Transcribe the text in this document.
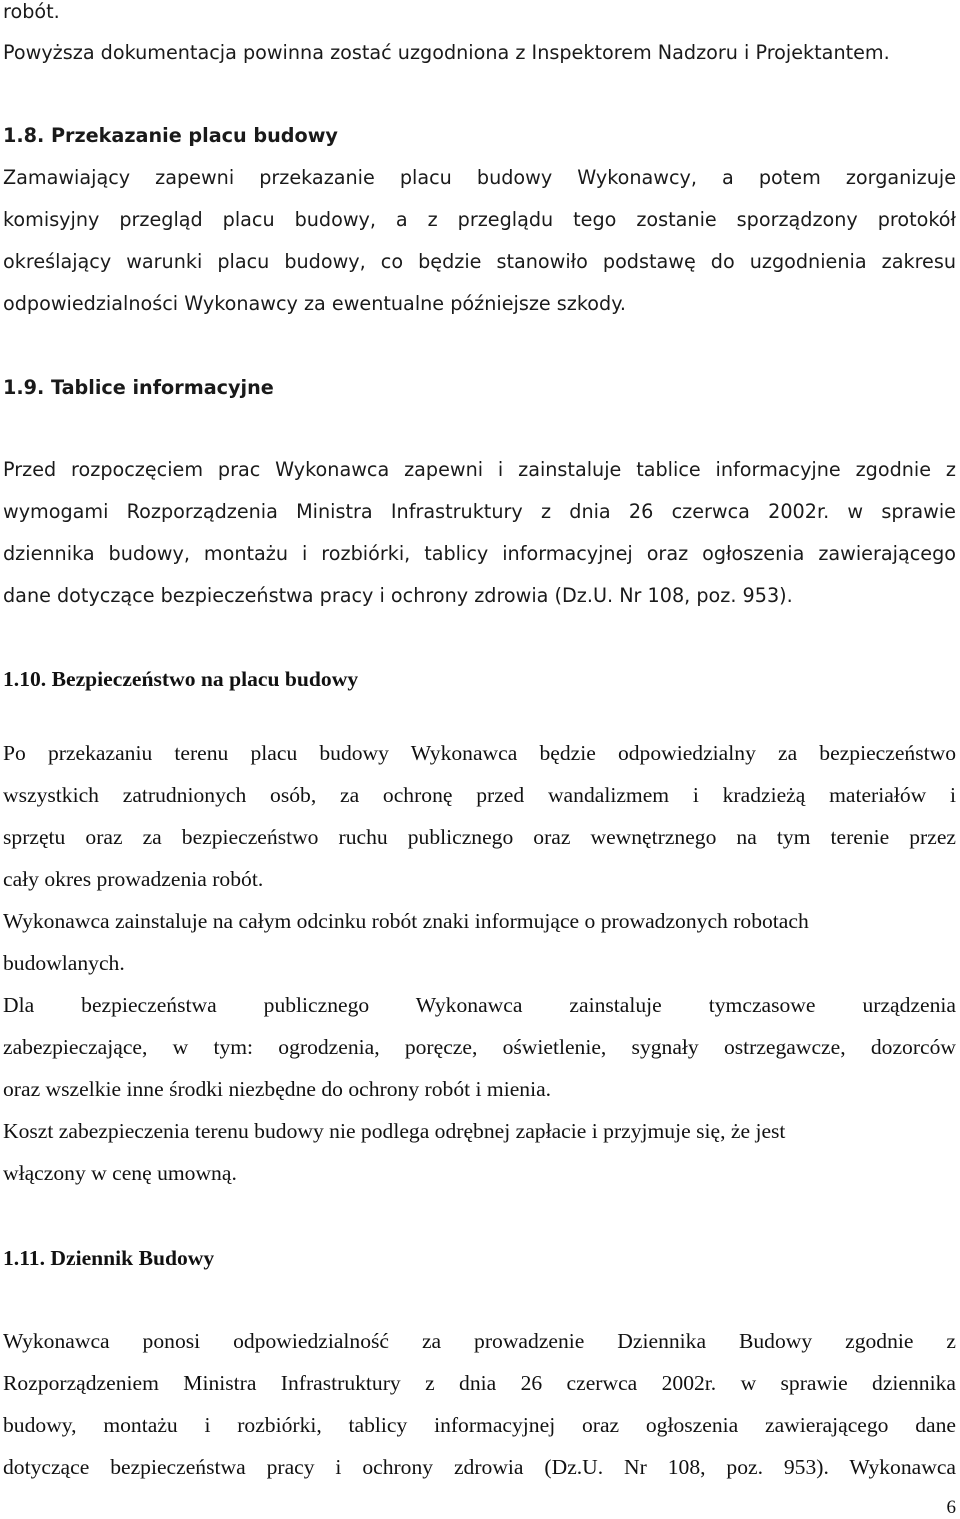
robót.
Powyższa dokumentacja powinna zostać uzgodniona z Inspektorem Nadzoru i Projektantem.
1.8. Przekazanie placu budowy
Zamawiający zapewni przekazanie placu budowy Wykonawcy, a potem zorganizuje
komisyjny przegląd placu budowy, a z przeglądu tego zostanie sporządzony protokół
określający warunki placu budowy, co będzie stanowiło podstawę do uzgodnienia zakresu
odpowiedzialności Wykonawcy za ewentualne późniejsze szkody.
1.9. Tablice informacyjne
Przed rozpoczęciem prac Wykonawca zapewni i zainstaluje tablice informacyjne zgodnie z
wymogami Rozporządzenia Ministra Infrastruktury z dnia 26 czerwca 2002r. w sprawie
dziennika budowy, montażu i rozbiórki, tablicy informacyjnej oraz ogłoszenia zawierającego
dane dotyczące bezpieczeństwa pracy i ochrony zdrowia (Dz.U. Nr 108, poz. 953).
1.10. Bezpieczeństwo na placu budowy
Po przekazaniu terenu placu budowy Wykonawca będzie odpowiedzialny za bezpieczeństwo
wszystkich zatrudnionych osób, za ochronę przed wandalizmem i kradzieżą materiałów i
sprzętu oraz za bezpieczeństwo ruchu publicznego oraz wewnętrznego na tym terenie przez
cały okres prowadzenia robót.
Wykonawca zainstaluje na całym odcinku robót znaki informujące o prowadzonych robotach
budowlanych.
Dla bezpieczeństwa publicznego Wykonawca zainstaluje tymczasowe urządzenia
zabezpieczające, w tym: ogrodzenia, poręcze, oświetlenie, sygnały ostrzegawcze, dozorców
oraz wszelkie inne środki niezbędne do ochrony robót i mienia.
Koszt zabezpieczenia terenu budowy nie podlega odrębnej zapłacie i przyjmuje się, że jest
włączony w cenę umowną.
1.11. Dziennik Budowy
Wykonawca ponosi odpowiedzialność za prowadzenie Dziennika Budowy zgodnie z
Rozporządzeniem Ministra Infrastruktury z dnia 26 czerwca 2002r. w sprawie dziennika
budowy, montażu i rozbiórki, tablicy informacyjnej oraz ogłoszenia zawierającego dane
dotyczące bezpieczeństwa pracy i ochrony zdrowia (Dz.U. Nr 108, poz. 953). Wykonawca
6
